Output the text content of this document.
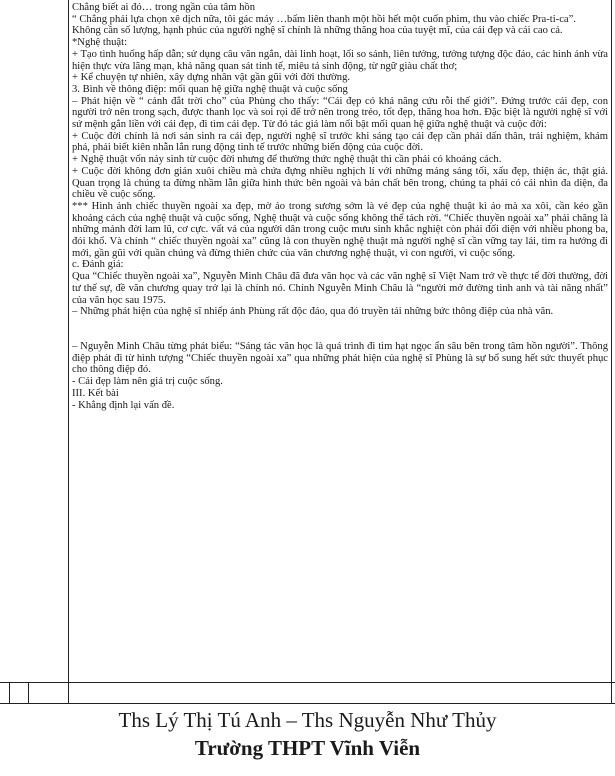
Chẳng biết ai đó… trong ngần của tâm hồn
“ Chẳng phải lựa chọn xê dịch nữa, tôi gác máy …bấm liên thanh một hồi hết một cuốn phim, thu vào chiếc Pra-ti-ca”.
Không cần số lượng, hạnh phúc của người nghệ sĩ chính là những thăng hoa của tuyệt mĩ, của cái đẹp và cái cao cả.
*Nghệ thuật:
+ Tạo tình huống hấp dẫn; sử dụng câu văn ngắn, dài linh hoạt, lối so sánh, liên tưởng, tưởng tượng độc đáo, các hình ảnh vừa hiện thực vừa lãng mạn, khả năng quan sát tinh tế, miêu tả sinh động, từ ngữ giàu chất thơ;
+ Kể chuyện tự nhiên, xây dựng nhân vật gần gũi với đời thường.
3. Bình về thông điệp: mối quan hệ giữa nghệ thuật và cuộc sống
– Phát hiện về “ cảnh đắt trời cho” của Phùng cho thấy: “Cái đẹp có khả năng cứu rỗi thế giới”. Đứng trước cái đẹp, con người trở nên trong sạch, được thanh lọc và soi rọi để trở nên trong trẻo, tốt đẹp, thăng hoa hơn. Đặc biệt là người nghệ sĩ với sứ mệnh gắn liền với cái đẹp, đi tìm cái đẹp. Từ đó tác giả làm nổi bật mối quan hệ giữa nghệ thuật và cuộc đời:
+ Cuộc đời chính là nơi sản sinh ra cái đẹp, người nghệ sĩ trước khi sáng tạo cái đẹp cần phải dấn thân, trải nghiệm, khám phá, phải biết kiên nhẫn lắn rung động tinh tế trước những biến động của cuộc đời.
+ Nghệ thuật vốn nảy sinh từ cuộc đời nhưng để thường thức nghệ thuật thì cần phải có khoảng cách.
+ Cuộc đời không đơn giản xuôi chiều mà chứa đựng nhiều nghịch lí với những mảng sáng tối, xấu đẹp, thiện ác, thật giả. Quan trọng là chúng ta đừng nhầm lẫn giữa hình thức bên ngoài và bản chất bên trong, chúng ta phải có cái nhìn đa diện, đa chiều về cuộc sống.
*** Hình ảnh chiếc thuyền ngoài xa đẹp, mờ ảo trong sương sớm là vẻ đẹp của nghệ thuật kì ảo mà xa xôi, cần kéo gần khoảng cách của nghệ thuật và cuộc sống, Nghệ thuật và cuộc sống không thể tách rời. “Chiếc thuyền ngoài xa” phải chăng là những mảnh đời lam lũ, cơ cực. vất vả của người dân trong cuộc mưu sinh khắc nghiệt còn phải đối diện với nhiều phong ba, đói khổ. Và chính “ chiếc thuyền ngoài xa” cũng là con thuyền nghệ thuật mà người nghệ sĩ cần vững tay lái, tìm ra hướng đi mới, gần gũi với quần chúng và đừng thiên chức của văn chương nghệ thuật, vì con người, vì cuộc sống.
c. Đánh giá:
Qua “Chiếc thuyền ngoài xa”, Nguyễn Minh Châu đã đưa văn học và các văn nghệ sĩ Việt Nam trở về thực tế đời thường, đời tư thế sự, đề văn chương quay trở lại là chính nó. Chính Nguyễn Minh Châu là “người mở đường tinh anh và tài năng nhất” của văn học sau 1975.
– Những phát hiện của nghệ sĩ nhiếp ảnh Phùng rất độc đáo, qua đó truyền tải những bức thông điệp của nhà văn.
– Nguyễn Minh Châu từng phát biểu: “Sáng tác văn học là quá trình đi tìm hạt ngọc ẩn sâu bên trong tâm hồn người”. Thông điệp phát đi từ hình tượng “Chiếc thuyền ngoài xa” qua những phát hiện của nghệ sĩ Phùng là sự bổ sung hết sức thuyết phục cho thông điệp đó.
- Cái đẹp làm nên giá trị cuộc sống.
III. Kết bài
- Khẳng định lại vấn đề.
Ths Lý Thị Tú Anh – Ths Nguyễn Như Thủy
Trường THPT Vĩnh Viễn
